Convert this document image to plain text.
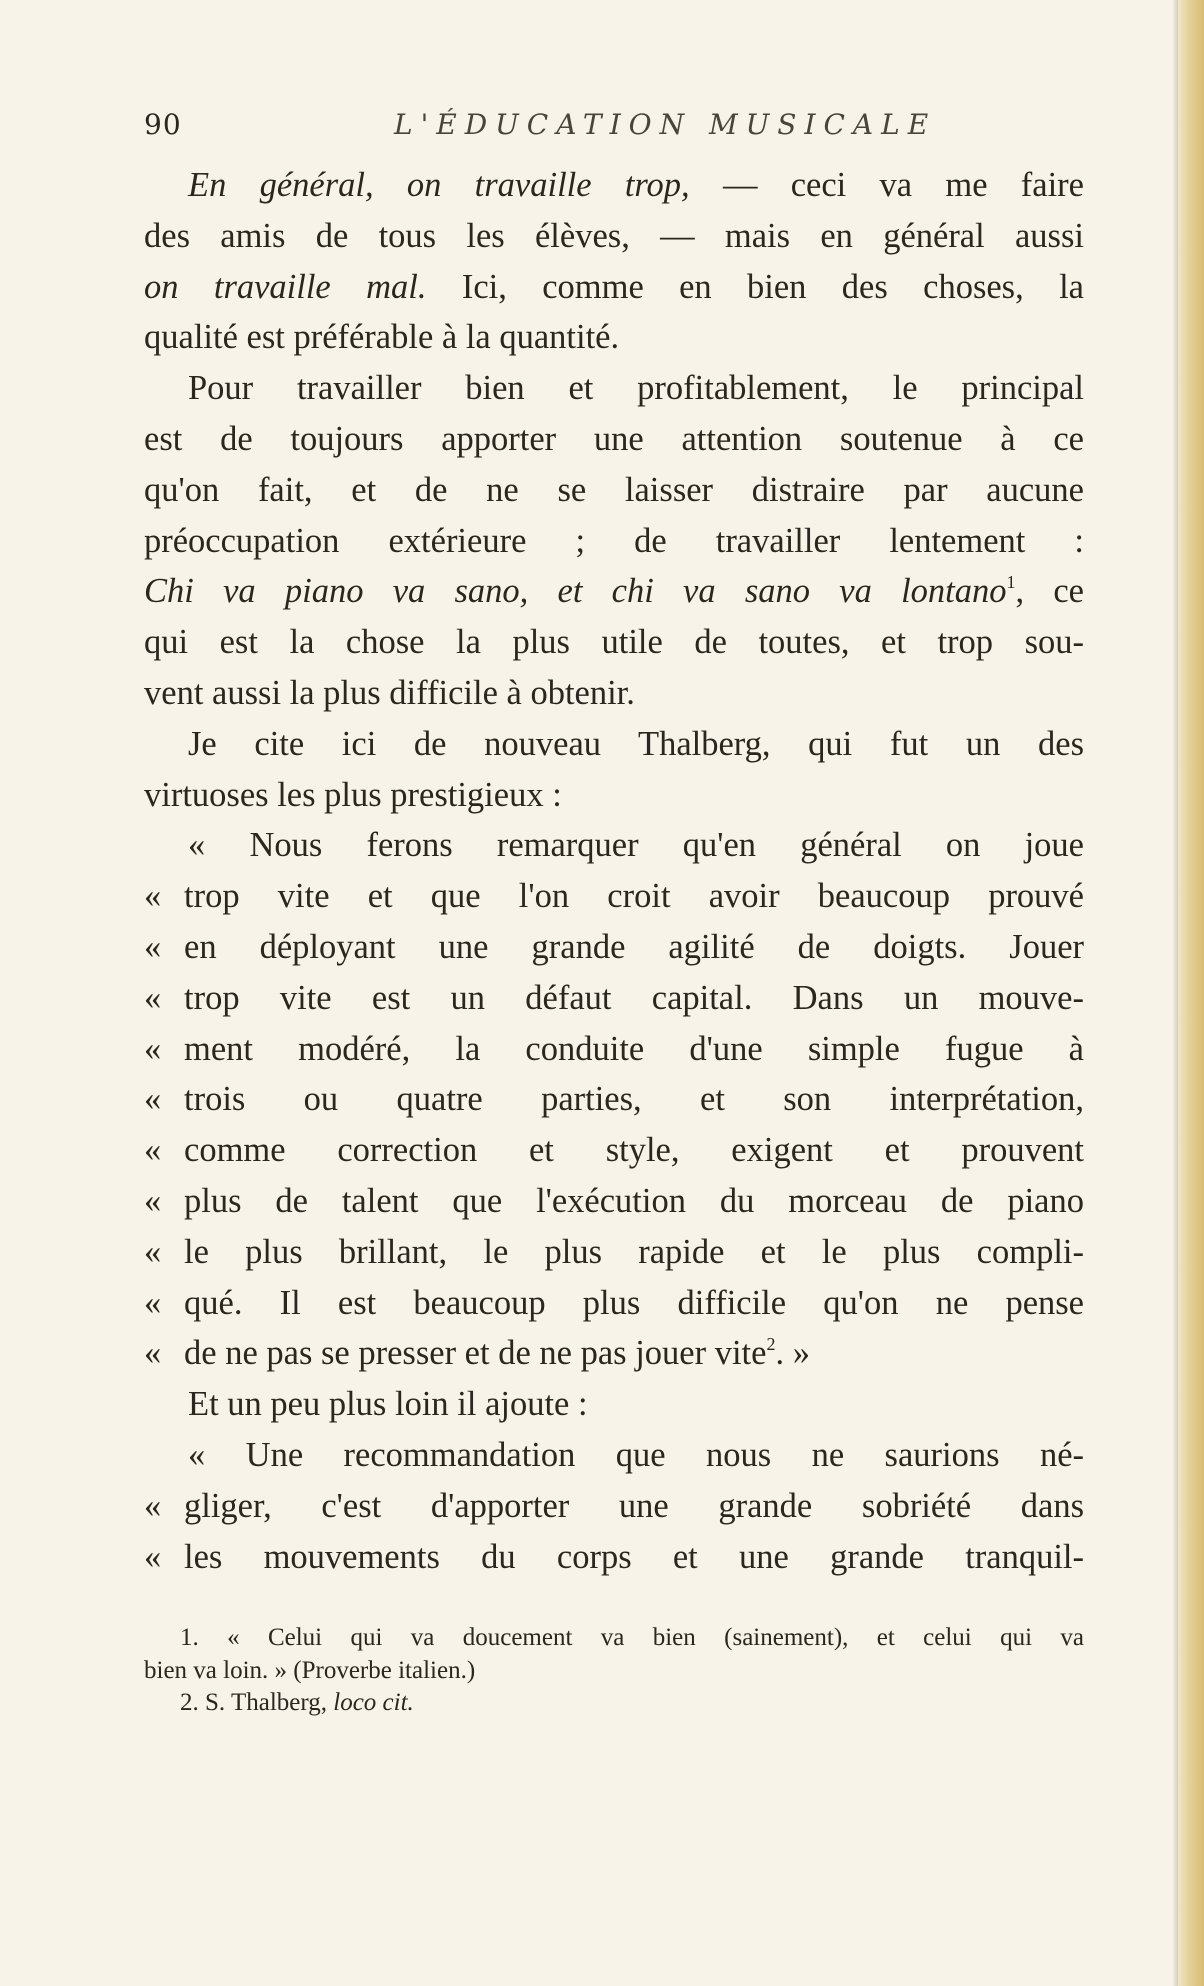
90	L'ÉDUCATION MUSICALE

En général, on travaille trop, — ceci va me faire
des amis de tous les élèves, — mais en général aussi
on travaille mal. Ici, comme en bien des choses, la
qualité est préférable à la quantité.

Pour travailler bien et profitablement, le principal
est de toujours apporter une attention soutenue à ce
qu'on fait, et de ne se laisser distraire par aucune
préoccupation extérieure ; de travailler lentement :
Chi va piano va sano, et chi va sano va lontano$^1$, ce
qui est la chose la plus utile de toutes, et trop sou-
vent aussi la plus difficile à obtenir.

Je cite ici de nouveau Thalberg, qui fut un des
virtuoses les plus prestigieux :

« Nous ferons remarquer qu'en général on joue
« trop vite et que l'on croit avoir beaucoup prouvé
« en déployant une grande agilité de doigts. Jouer
« trop vite est un défaut capital. Dans un mouve-
« ment modéré, la conduite d'une simple fugue à
« trois ou quatre parties, et son interprétation,
« comme correction et style, exigent et prouvent
« plus de talent que l'exécution du morceau de piano
« le plus brillant, le plus rapide et le plus compli-
« qué. Il est beaucoup plus difficile qu'on ne pense
« de ne pas se presser et de ne pas jouer vite$^2$. »

Et un peu plus loin il ajoute :

« Une recommandation que nous ne saurions né-
« gliger, c'est d'apporter une grande sobriété dans
« les mouvements du corps et une grande tranquil-

1. « Celui qui va doucement va bien (sainement), et celui qui va
bien va loin. » (Proverbe italien.)
2. S. Thalberg, loco cit.
